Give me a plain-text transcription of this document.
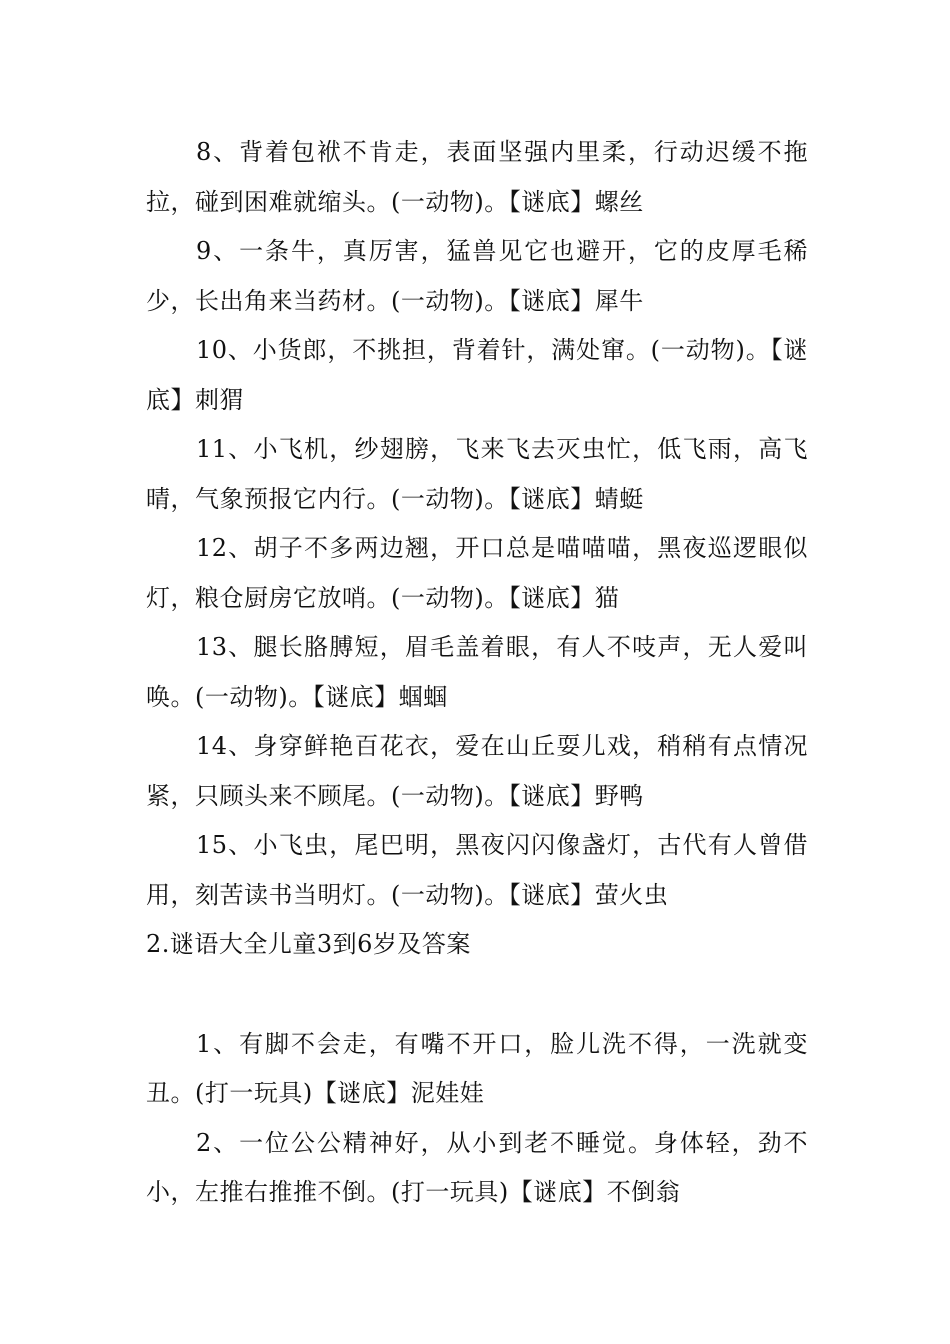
8、背着包袱不肯走，表面坚强内里柔，行动迟缓不拖拉，碰到困难就缩头。(一动物)。【谜底】螺丝

9、一条牛，真厉害，猛兽见它也避开，它的皮厚毛稀少，长出角来当药材。(一动物)。【谜底】犀牛

10、小货郎，不挑担，背着针，满处窜。(一动物)。【谜底】刺猬

11、小飞机，纱翅膀，飞来飞去灭虫忙，低飞雨，高飞晴，气象预报它内行。(一动物)。【谜底】蜻蜓

12、胡子不多两边翘，开口总是喵喵喵，黑夜巡逻眼似灯，粮仓厨房它放哨。(一动物)。【谜底】猫

13、腿长胳膊短，眉毛盖着眼，有人不吱声，无人爱叫唤。(一动物)。【谜底】蝈蝈

14、身穿鲜艳百花衣，爱在山丘耍儿戏，稍稍有点情况紧，只顾头来不顾尾。(一动物)。【谜底】野鸭

15、小飞虫，尾巴明，黑夜闪闪像盏灯，古代有人曾借用，刻苦读书当明灯。(一动物)。【谜底】萤火虫

2.谜语大全儿童3到6岁及答案

1、有脚不会走，有嘴不开口，脸儿洗不得，一洗就变丑。(打一玩具)【谜底】泥娃娃

2、一位公公精神好，从小到老不睡觉。身体轻，劲不小，左推右推推不倒。(打一玩具)【谜底】不倒翁
